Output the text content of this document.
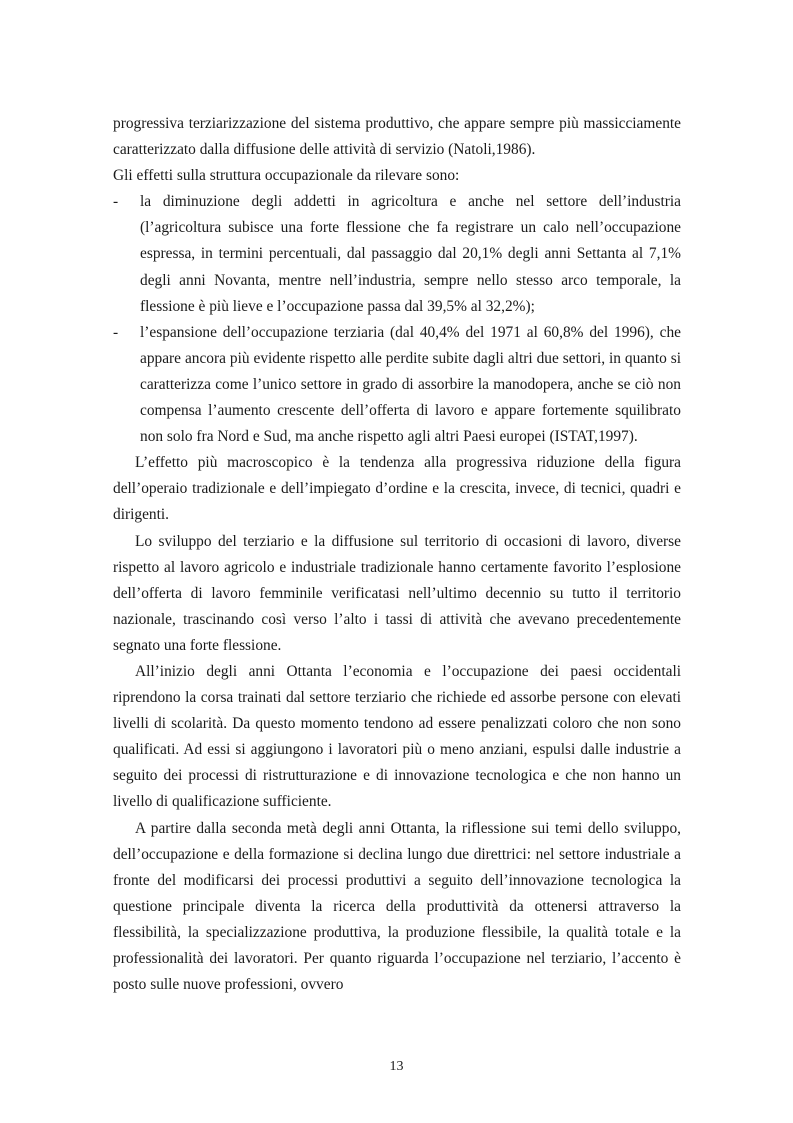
progressiva terziarizzazione del sistema produttivo, che appare sempre più massicciamente caratterizzato dalla diffusione delle attività di servizio (Natoli,1986).

Gli effetti sulla struttura occupazionale da rilevare sono:

- la diminuzione degli addetti in agricoltura e anche nel settore dell’industria (l’agricoltura subisce una forte flessione che fa registrare un calo nell’occupazione espressa, in termini percentuali, dal passaggio dal 20,1% degli anni Settanta al 7,1% degli anni Novanta, mentre nell’industria, sempre nello stesso arco temporale, la flessione è più lieve e l’occupazione passa dal 39,5% al 32,2%);
- l’espansione dell’occupazione terziaria (dal 40,4% del 1971 al 60,8% del 1996), che appare ancora più evidente rispetto alle perdite subite dagli altri due settori, in quanto si caratterizza come l’unico settore in grado di assorbire la manodopera, anche se ciò non compensa l’aumento crescente dell’offerta di lavoro e appare fortemente squilibrato non solo fra Nord e Sud, ma anche rispetto agli altri Paesi europei (ISTAT,1997).

L’effetto più macroscopico è la tendenza alla progressiva riduzione della figura dell’operaio tradizionale e dell’impiegato d’ordine e la crescita, invece, di tecnici, quadri e dirigenti.

Lo sviluppo del terziario e la diffusione sul territorio di occasioni di lavoro, diverse rispetto al lavoro agricolo e industriale tradizionale hanno certamente favorito l’esplosione dell’offerta di lavoro femminile verificatasi nell’ultimo decennio su tutto il territorio nazionale, trascinando così verso l’alto i tassi di attività che avevano precedentemente segnato una forte flessione.

All’inizio degli anni Ottanta l’economia e l’occupazione dei paesi occidentali riprendono la corsa trainati dal settore terziario che richiede ed assorbe persone con elevati livelli di scolarità. Da questo momento tendono ad essere penalizzati coloro che non sono qualificati. Ad essi si aggiungono i lavoratori più o meno anziani, espulsi dalle industrie a seguito dei processi di ristrutturazione e di innovazione tecnologica e che non hanno un livello di qualificazione sufficiente.

A partire dalla seconda metà degli anni Ottanta, la riflessione sui temi dello sviluppo, dell’occupazione e della formazione si declina lungo due direttrici: nel settore industriale a fronte del modificarsi dei processi produttivi a seguito dell’innovazione tecnologica la questione principale diventa la ricerca della produttività da ottenersi attraverso la flessibilità, la specializzazione produttiva, la produzione flessibile, la qualità totale e la professionalità dei lavoratori. Per quanto riguarda l’occupazione nel terziario, l’accento è posto sulle nuove professioni, ovvero

13
